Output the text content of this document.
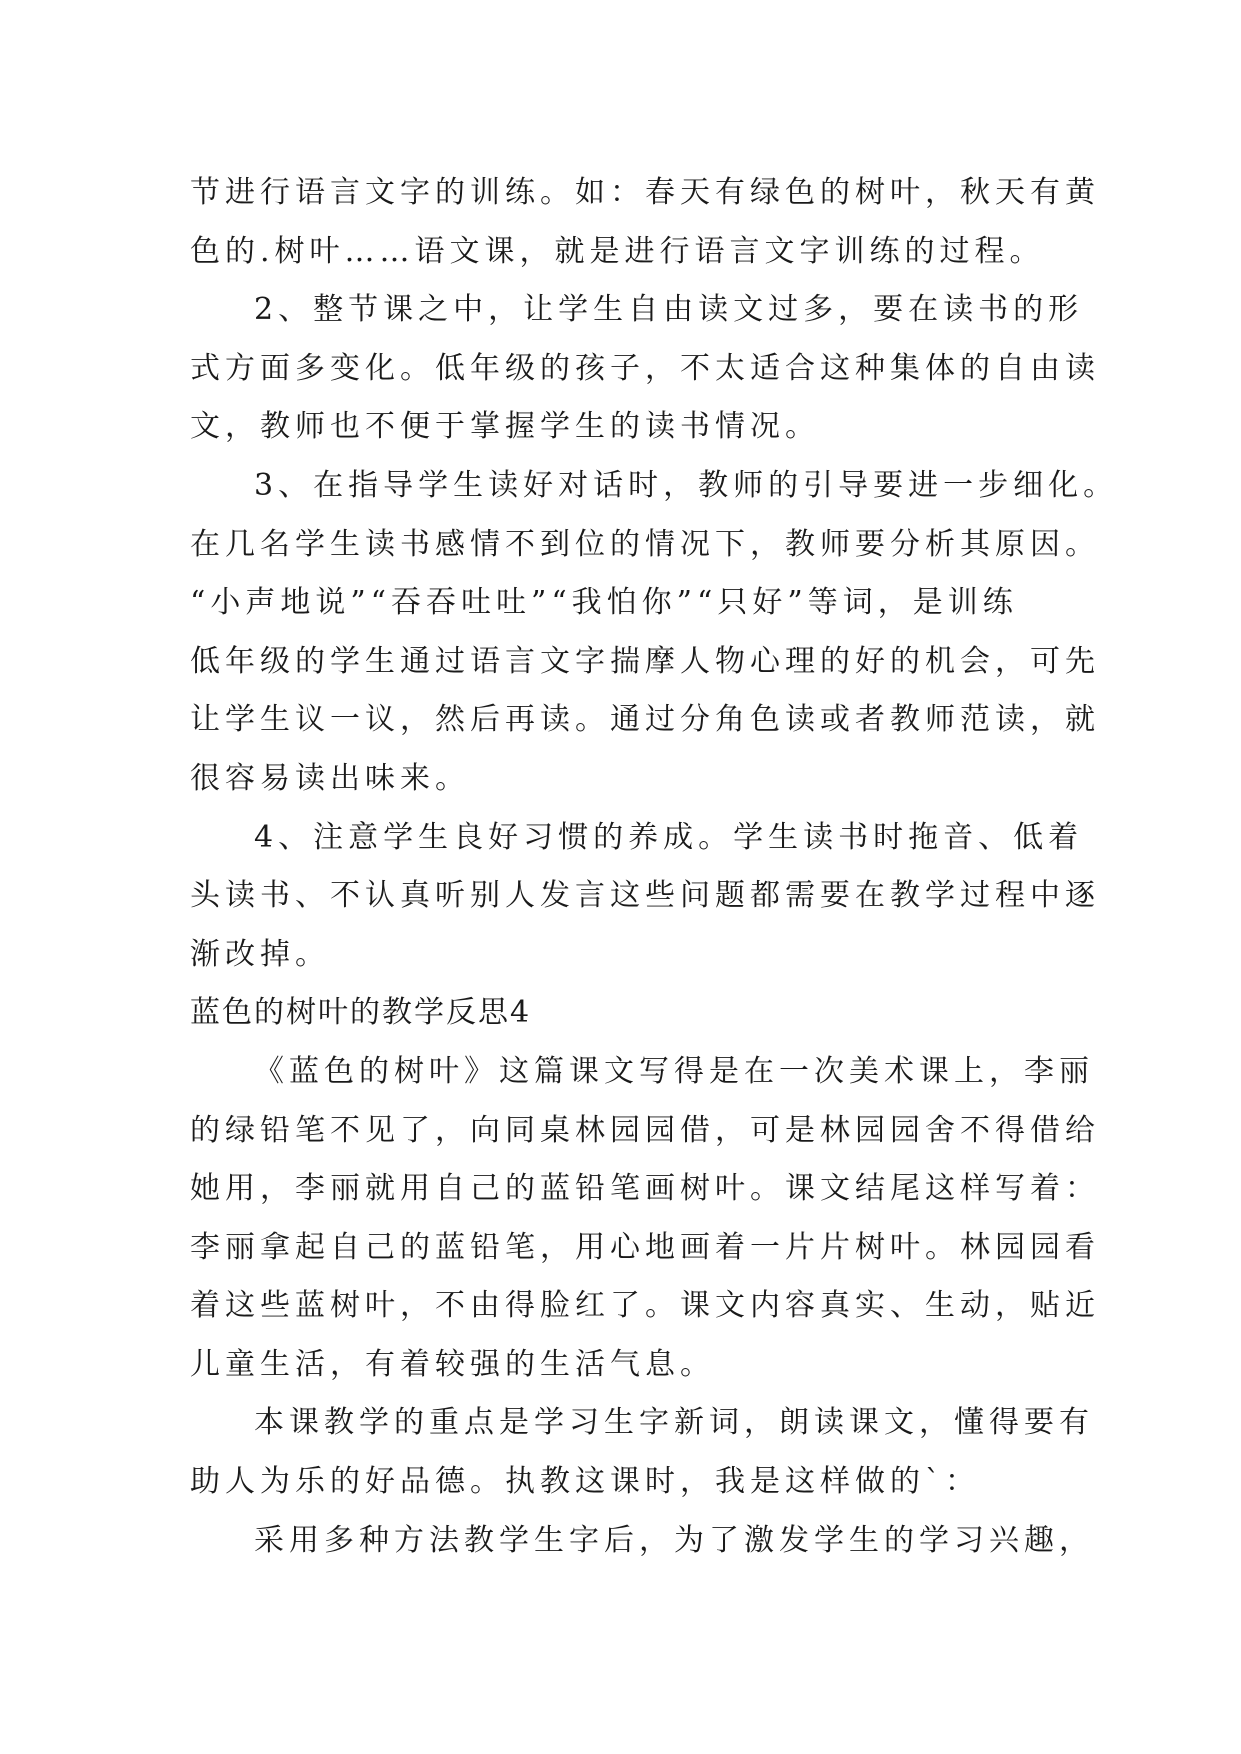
节进行语言文字的训练。如：春天有绿色的树叶，秋天有黄
色的.树叶……语文课，就是进行语言文字训练的过程。
2、整节课之中，让学生自由读文过多，要在读书的形
式方面多变化。低年级的孩子，不太适合这种集体的自由读
文，教师也不便于掌握学生的读书情况。
3、在指导学生读好对话时，教师的引导要进一步细化。
在几名学生读书感情不到位的情况下，教师要分析其原因。
“小声地说”“吞吞吐吐”“我怕你”“只好”等词，是训练
低年级的学生通过语言文字揣摩人物心理的好的机会，可先
让学生议一议，然后再读。通过分角色读或者教师范读，就
很容易读出味来。
4、注意学生良好习惯的养成。学生读书时拖音、低着
头读书、不认真听别人发言这些问题都需要在教学过程中逐
渐改掉。
蓝色的树叶的教学反思4
《蓝色的树叶》这篇课文写得是在一次美术课上，李丽
的绿铅笔不见了，向同桌林园园借，可是林园园舍不得借给
她用，李丽就用自己的蓝铅笔画树叶。课文结尾这样写着：
李丽拿起自己的蓝铅笔，用心地画着一片片树叶。林园园看
着这些蓝树叶，不由得脸红了。课文内容真实、生动，贴近
儿童生活，有着较强的生活气息。
本课教学的重点是学习生字新词，朗读课文，懂得要有
助人为乐的好品德。执教这课时，我是这样做的`：
采用多种方法教学生字后，为了激发学生的学习兴趣，
